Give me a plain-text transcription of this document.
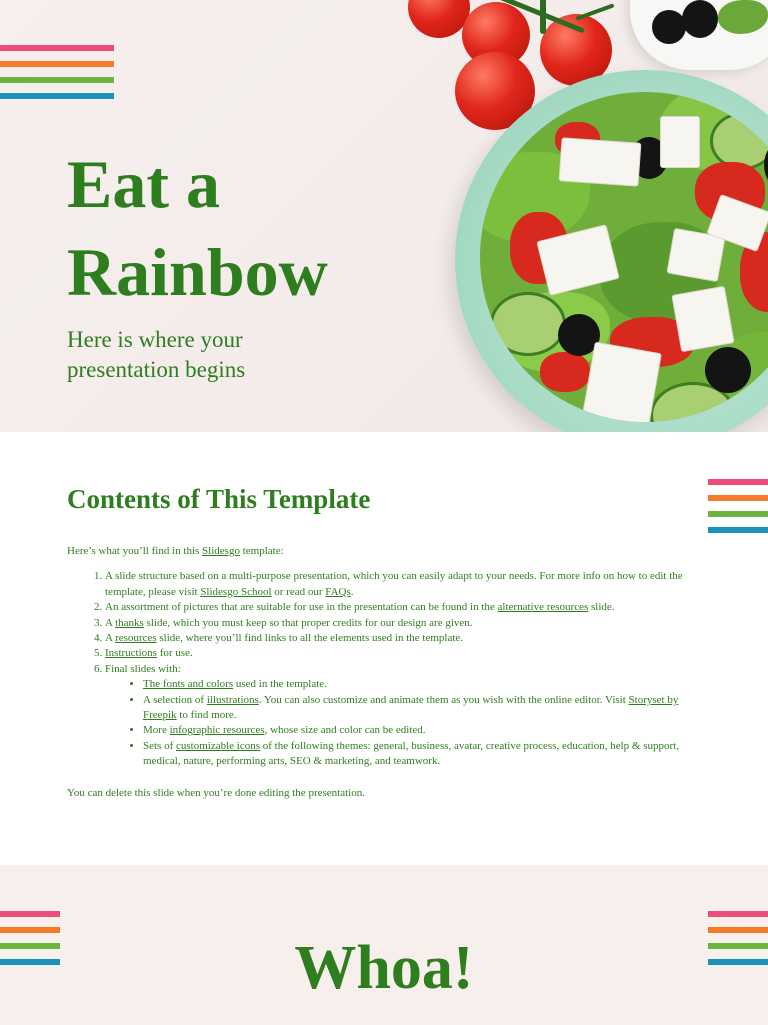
Eat a Rainbow

Here is where your presentation begins

Contents of This Template

Here’s what you’ll find in this Slidesgo template:

1. A slide structure based on a multi-purpose presentation, which you can easily adapt to your needs. For more info on how to edit the template, please visit Slidesgo School or read our FAQs.
2. An assortment of pictures that are suitable for use in the presentation can be found in the alternative resources slide.
3. A thanks slide, which you must keep so that proper credits for our design are given.
4. A resources slide, where you’ll find links to all the elements used in the template.
5. Instructions for use.
6. Final slides with:
• The fonts and colors used in the template.
• A selection of illustrations. You can also customize and animate them as you wish with the online editor. Visit Storyset by Freepik to find more.
• More infographic resources, whose size and color can be edited.
• Sets of customizable icons of the following themes: general, business, avatar, creative process, education, help & support, medical, nature, performing arts, SEO & marketing, and teamwork.

You can delete this slide when you’re done editing the presentation.

Whoa!
